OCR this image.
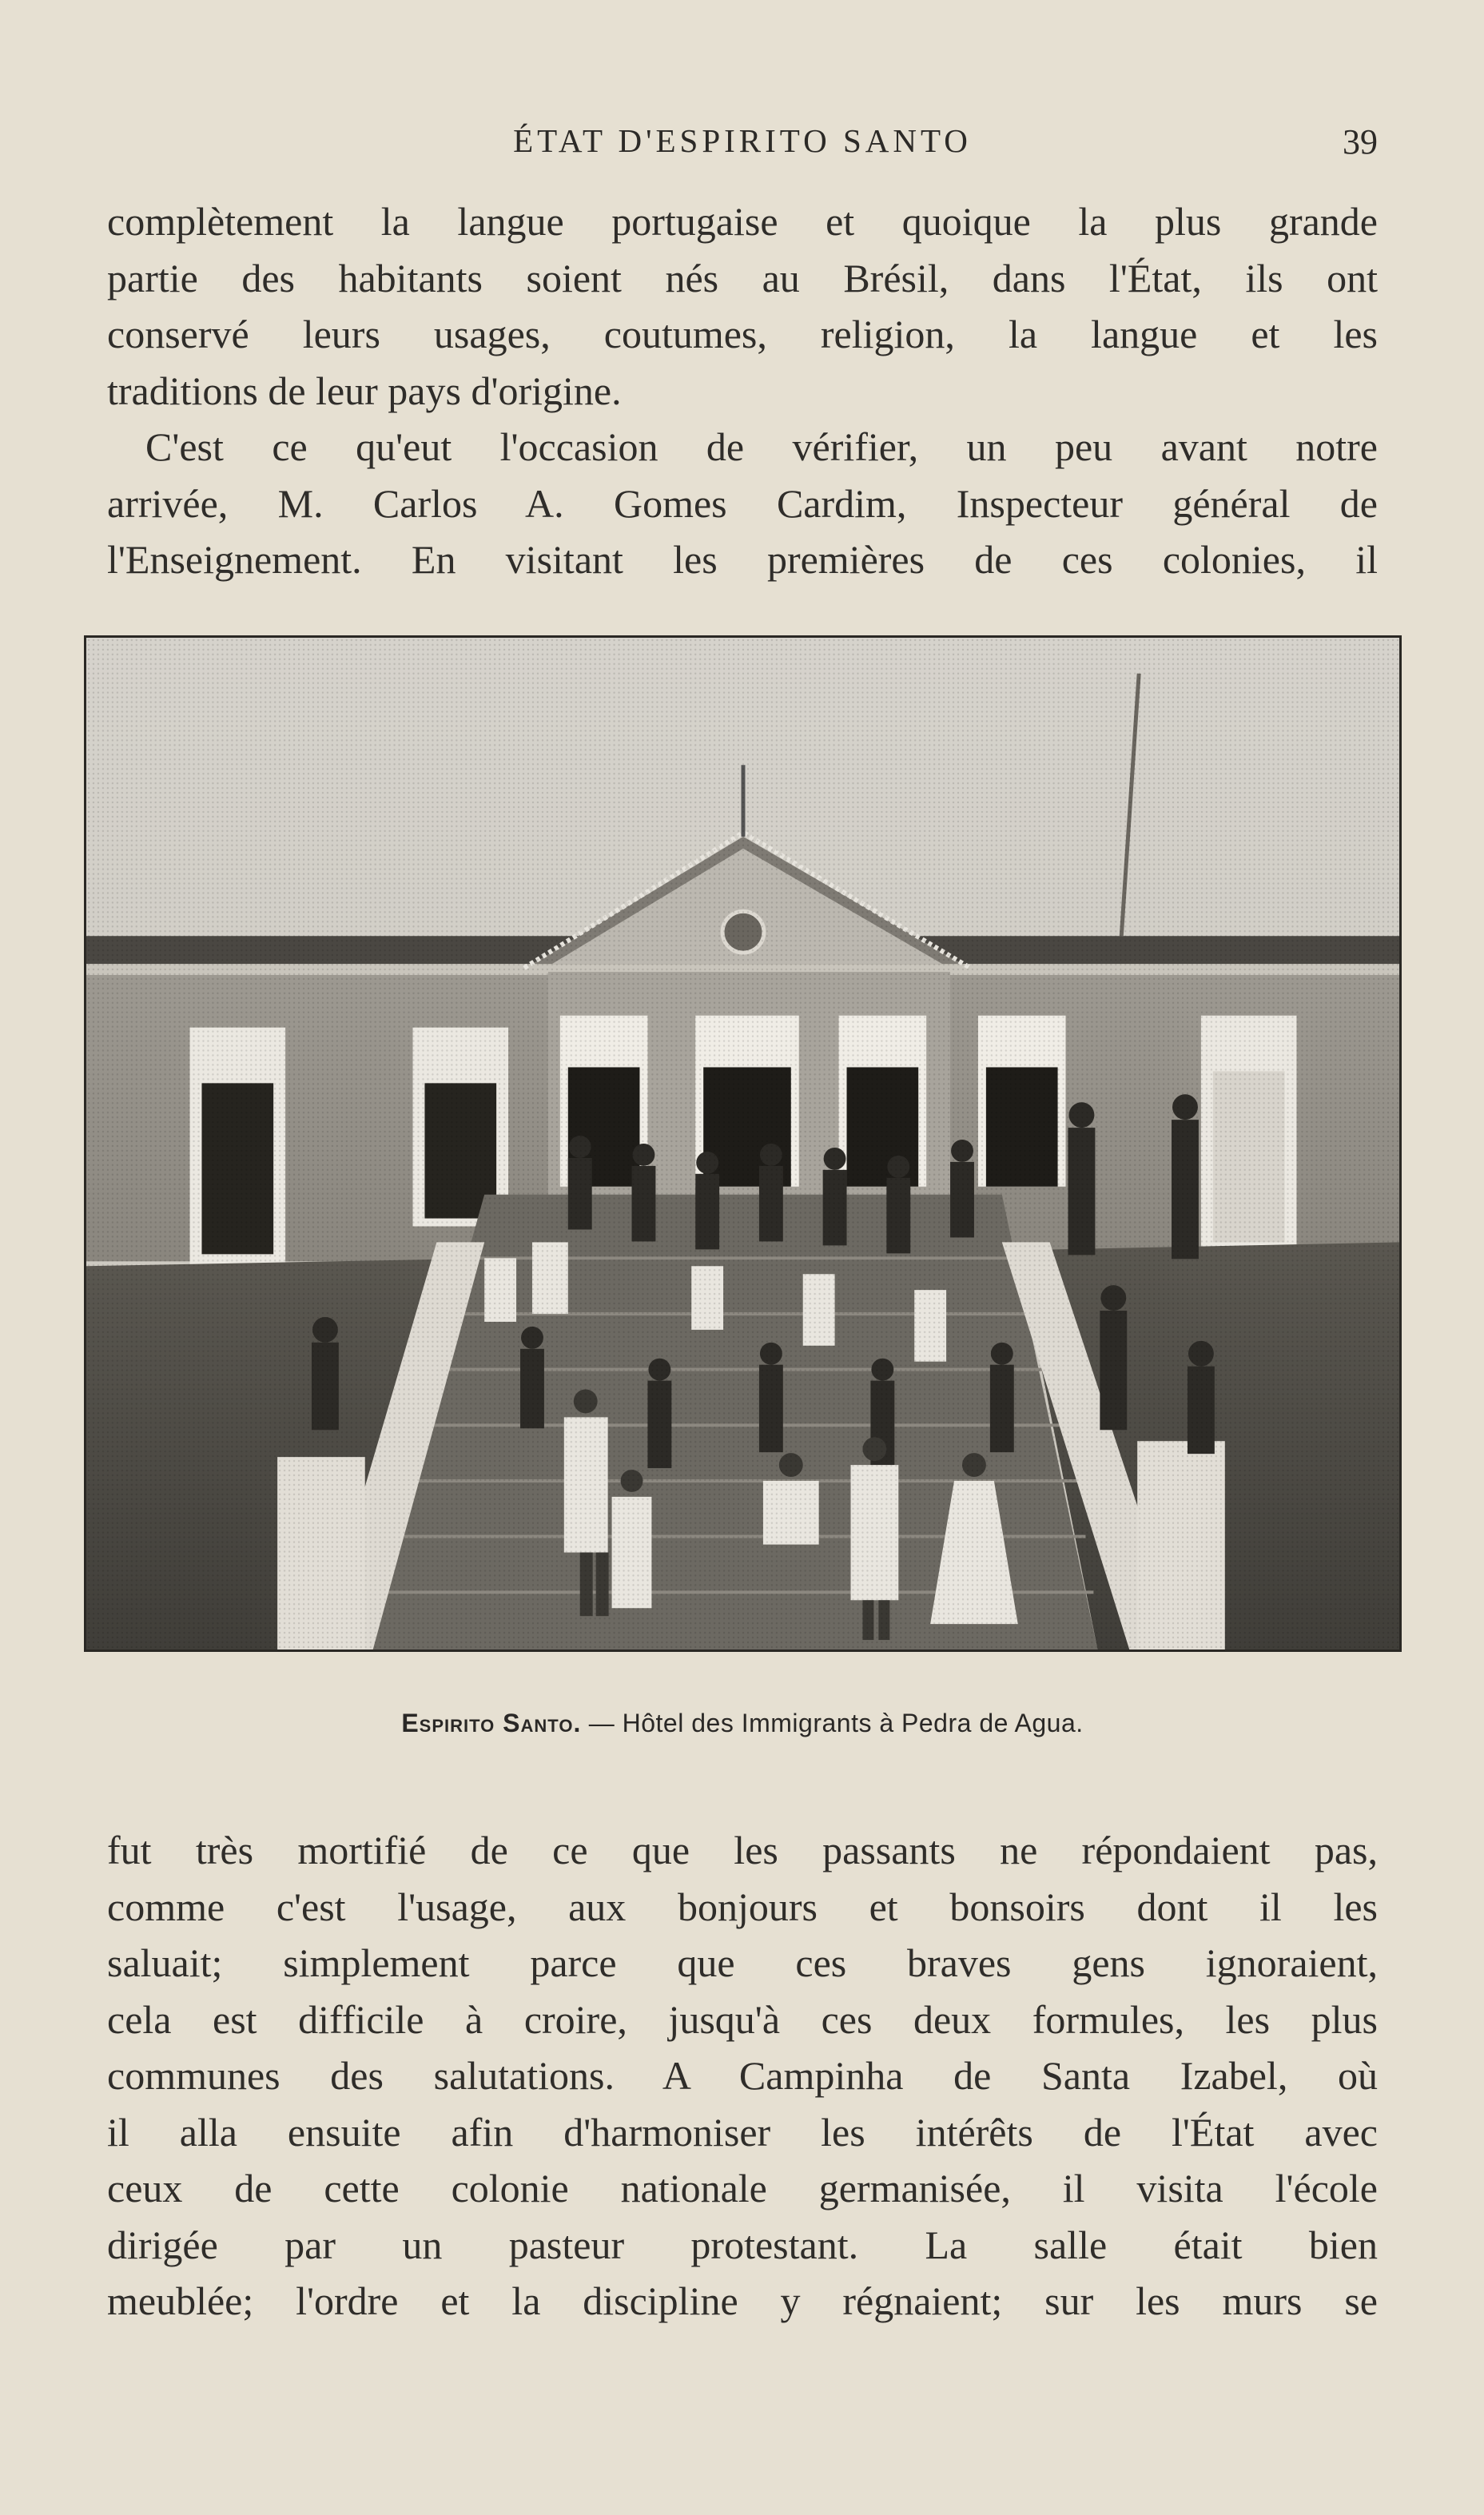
ÉTAT D'ESPIRITO SANTO	39
complètement la langue portugaise et quoique la plus grande
partie des habitants soient nés au Brésil, dans l'État, ils ont
conservé leurs usages, coutumes, religion, la langue et les
traditions de leur pays d'origine.
C'est ce qu'eut l'occasion de vérifier, un peu avant notre
arrivée, M. Carlos A. Gomes Cardim, Inspecteur général de
l'Enseignement. En visitant les premières de ces colonies, il
Espirito Santo. — Hôtel des Immigrants à Pedra de Agua.
fut très mortifié de ce que les passants ne répondaient pas,
comme c'est l'usage, aux bonjours et bonsoirs dont il les
saluait; simplement parce que ces braves gens ignoraient,
cela est difficile à croire, jusqu'à ces deux formules, les plus
communes des salutations. A Campinha de Santa Izabel, où
il alla ensuite afin d'harmoniser les intérêts de l'État avec
ceux de cette colonie nationale germanisée, il visita l'école
dirigée par un pasteur protestant. La salle était bien
meublée; l'ordre et la discipline y régnaient; sur les murs se
